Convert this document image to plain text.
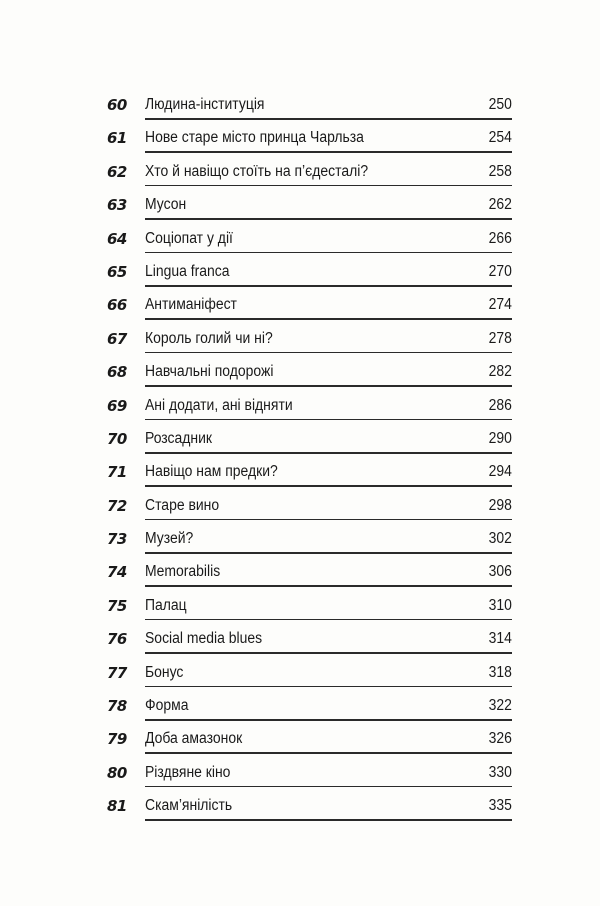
60 Людина-інституція	250
61 Нове старе місто принца Чарльза	254
62 Хто й навіщо стоїть на п’єдесталі?	258
63 Мусон	262
64 Соціопат у дії	266
65 Lingua franca	270
66 Антиманіфест	274
67 Король голий чи ні?	278
68 Навчальні подорожі	282
69 Ані додати, ані відняти	286
70 Розсадник	290
71 Навіщо нам предки?	294
72 Старе вино	298
73 Музей?	302
74 Memorabilis	306
75 Палац	310
76 Social media blues	314
77 Бонус	318
78 Форма	322
79 Доба амазонок	326
80 Різдвяне кіно	330
81 Скам’янілість	335
